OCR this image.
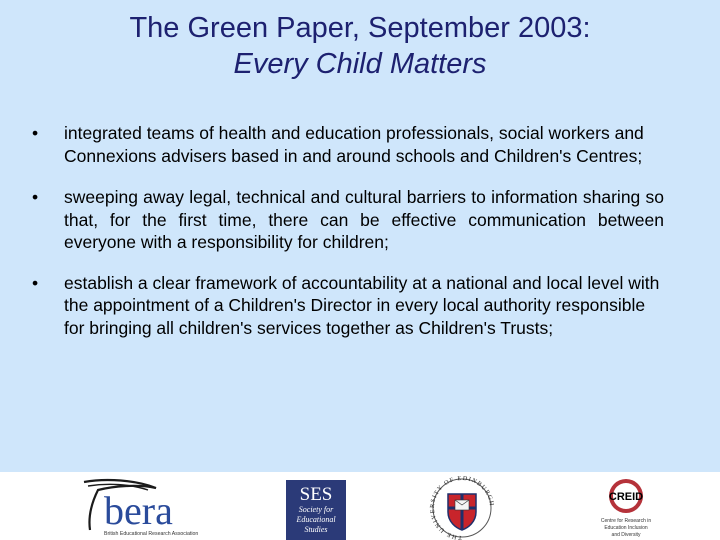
The Green Paper, September 2003:
Every Child Matters
•	integrated teams of health and education professionals, social workers and Connexions advisers based in and around schools and Children's Centres;
•	sweeping away legal, technical and cultural barriers to information sharing so that, for the first time, there can be effective communication between everyone with a responsibility for children;
•	establish a clear framework of accountability at a national and local level with the appointment of a Children's Director in every local authority responsible for bringing all children's services together as Children's Trusts;
bera
British Educational Research Association
SES
Society for
Educational
Studies
THE UNIVERSITY OF EDINBURGH
CREID
Centre for Research in
Education Inclusion
and Diversity
